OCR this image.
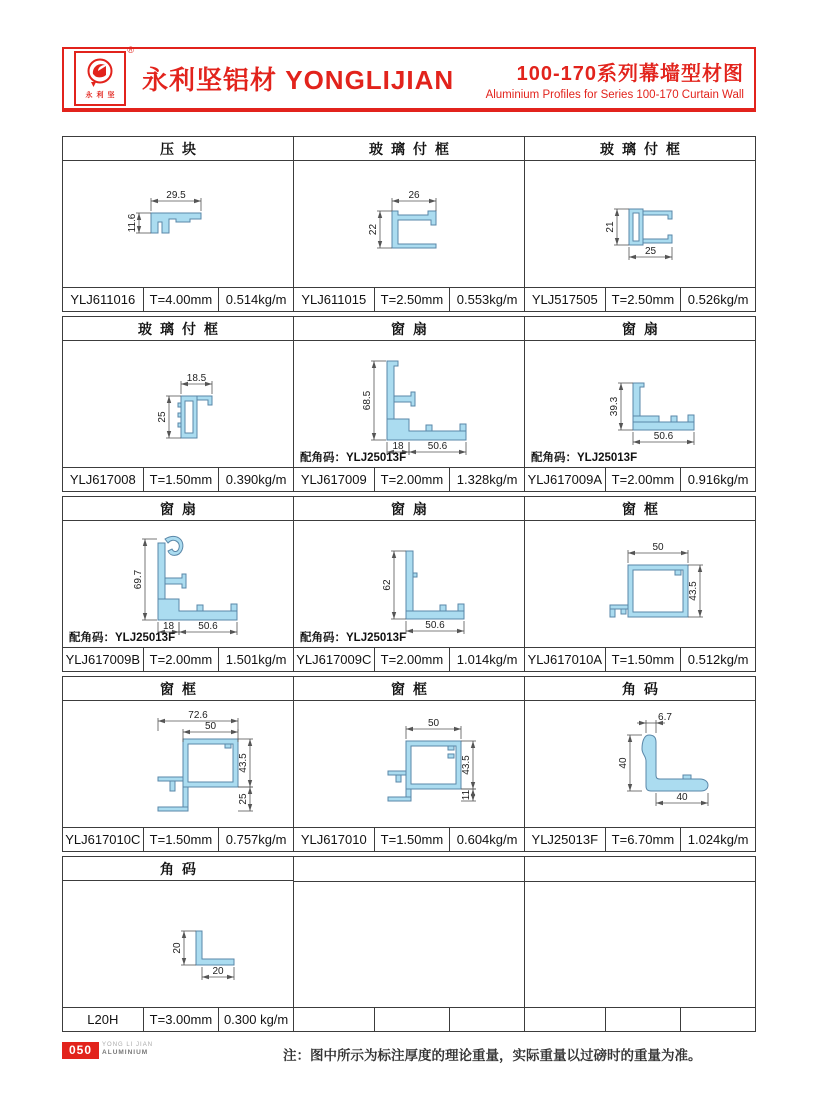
®
永利坚
永利坚铝材 YONGLIJIAN	100-170系列幕墙型材图
Aluminium Profiles for Series 100-170 Curtain Wall
压块
29.5
11.6
YLJ611016	T=4.00mm	0.514kg/m
玻璃付框
26
22
YLJ611015	T=2.50mm	0.553kg/m
玻璃付框
21
25
YLJ517505	T=2.50mm	0.526kg/m
玻璃付框
18.5
25
YLJ617008	T=1.50mm	0.390kg/m
窗扇
68.5
18 50.6
配角码：YLJ25013F
YLJ617009	T=2.00mm	1.328kg/m
窗扇
39.3
50.6
配角码：YLJ25013F
YLJ617009A T=2.00mm	0.916kg/m
窗扇
69.7
18 50.6
配角码：YLJ25013F
YLJ617009B T=2.00mm	1.501kg/m
窗扇
62
50.6
配角码：YLJ25013F
YLJ617009C T=2.00mm	1.014kg/m
窗框
50
43.5
YLJ617010A T=1.50mm	0.512kg/m
窗框
72.6
50
43.5
25
YLJ617010C T=1.50mm	0.757kg/m
窗框
50
43.5
11
YLJ617010	T=1.50mm	0.604kg/m
角码
6.7
40
40
YLJ25013F	T=6.70mm	1.024kg/m
角码
20
20
L20H	T=3.00mm 0.300 kg/m
050	YONG LI JIAN
ALUMINIUM	注：图中所示为标注厚度的理论重量，实际重量以过磅时的重量为准。
